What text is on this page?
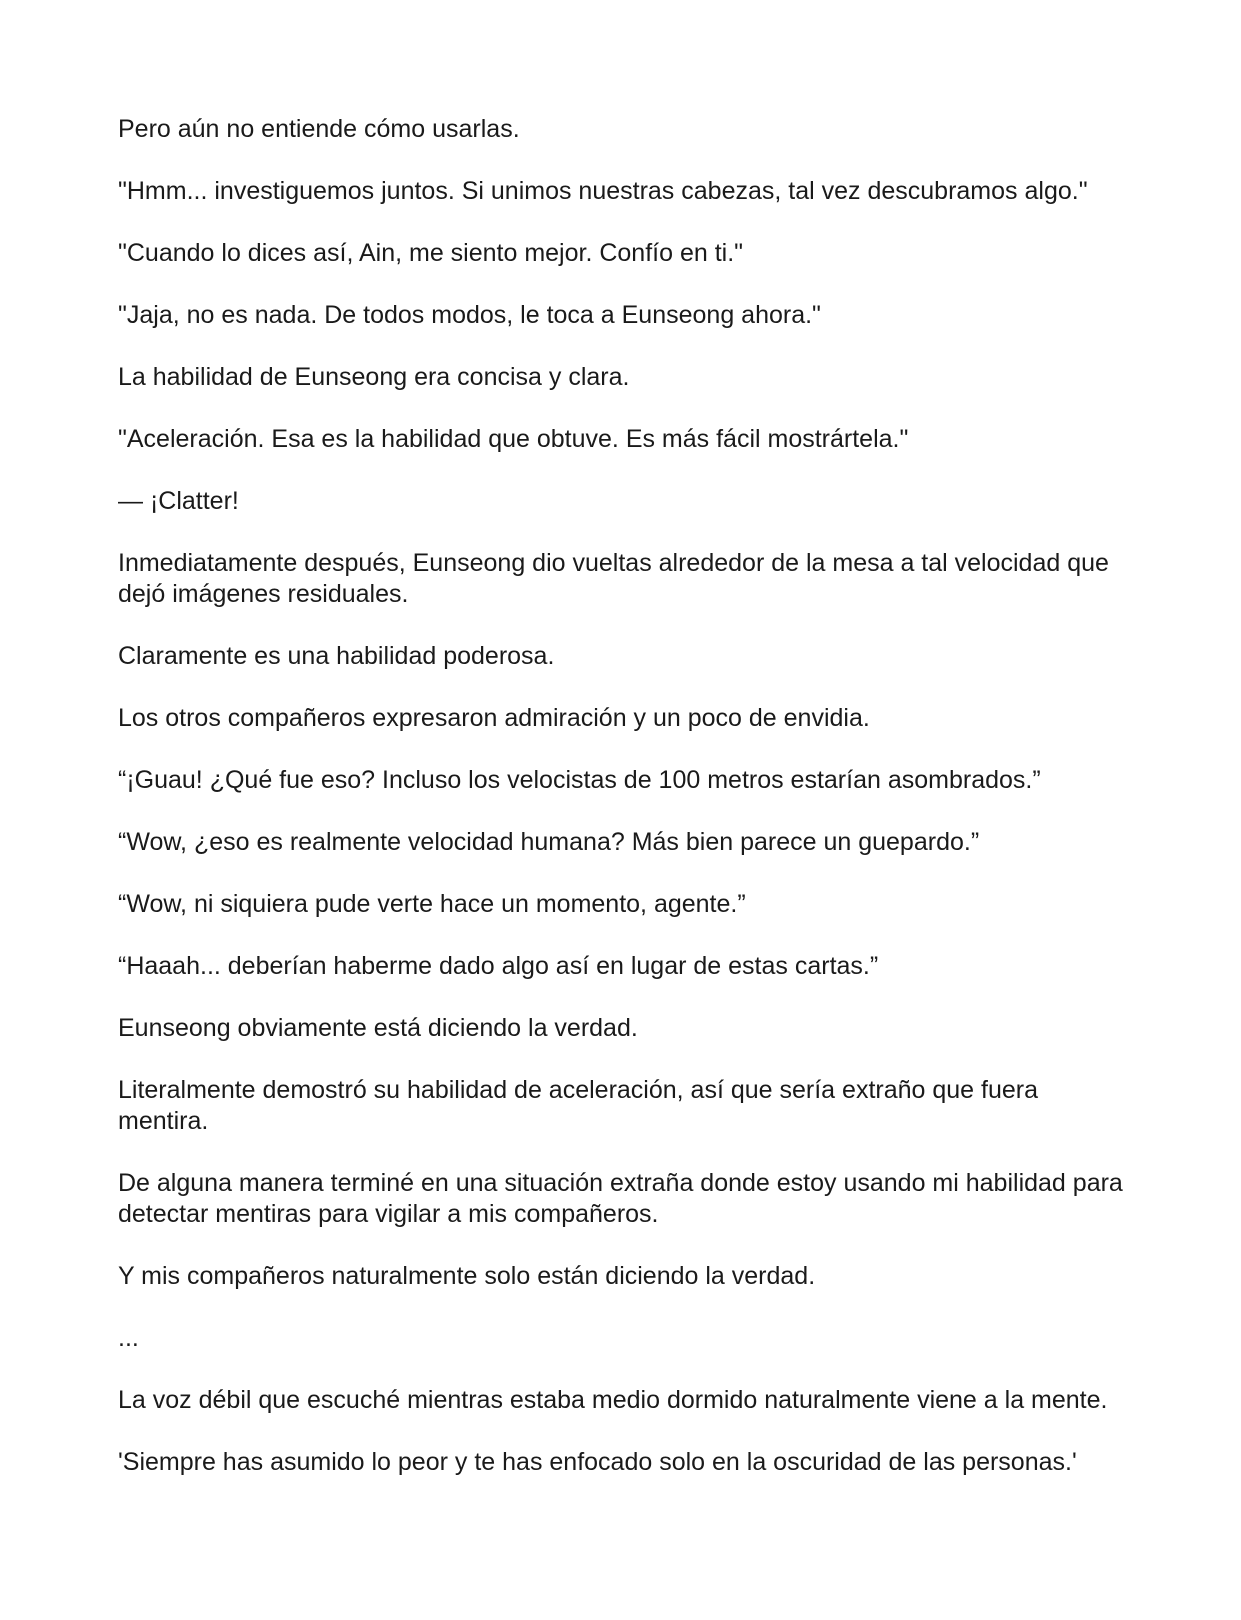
Pero aún no entiende cómo usarlas.

"Hmm... investiguemos juntos. Si unimos nuestras cabezas, tal vez descubramos algo."

"Cuando lo dices así, Ain, me siento mejor. Confío en ti."

"Jaja, no es nada. De todos modos, le toca a Eunseong ahora."

La habilidad de Eunseong era concisa y clara.

"Aceleración. Esa es la habilidad que obtuve. Es más fácil mostrártela."

— ¡Clatter!

Inmediatamente después, Eunseong dio vueltas alrededor de la mesa a tal velocidad que dejó imágenes residuales.

Claramente es una habilidad poderosa.

Los otros compañeros expresaron admiración y un poco de envidia.

“¡Guau! ¿Qué fue eso? Incluso los velocistas de 100 metros estarían asombrados.”

“Wow, ¿eso es realmente velocidad humana? Más bien parece un guepardo.”

“Wow, ni siquiera pude verte hace un momento, agente.”

“Haaah... deberían haberme dado algo así en lugar de estas cartas.”

Eunseong obviamente está diciendo la verdad.

Literalmente demostró su habilidad de aceleración, así que sería extraño que fuera mentira.

De alguna manera terminé en una situación extraña donde estoy usando mi habilidad para detectar mentiras para vigilar a mis compañeros.

Y mis compañeros naturalmente solo están diciendo la verdad.

...

La voz débil que escuché mientras estaba medio dormido naturalmente viene a la mente.

'Siempre has asumido lo peor y te has enfocado solo en la oscuridad de las personas.'
